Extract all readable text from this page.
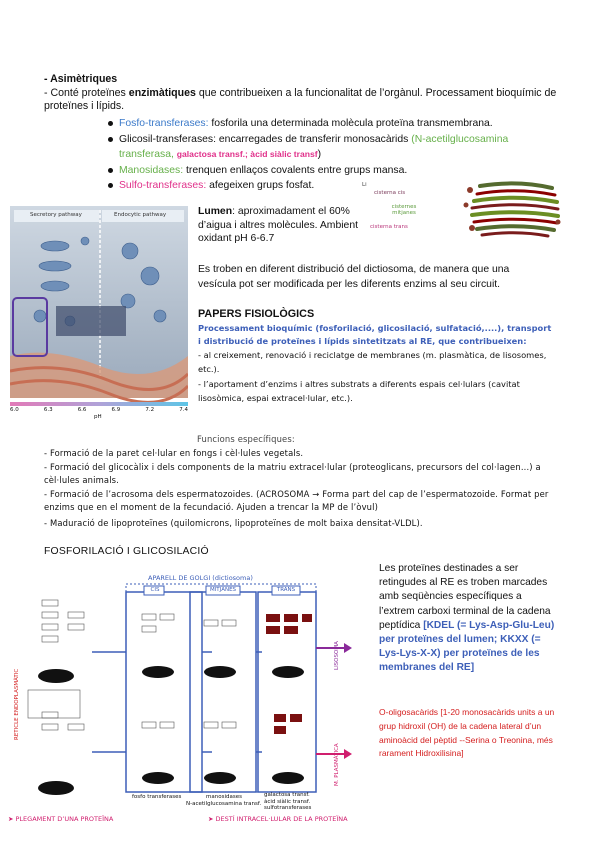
- Asimètriques
- Conté proteïnes enzimàtiques que contribueixen a la funcionalitat de l’orgànul. Processament bioquímic de proteïnes i lípids.
Fosfo-transferases: fosforila una determinada molècula proteïna transmembrana.
Glicosil-transferases: encarregades de transferir monosacàrids (N-acetilglucosamina transferasa, galactosa transf.; àcid siàlic transf)
Manosidases: trenquen enllaços covalents entre grups mansa.
Sulfo-transferases: afegeixen grups fosfat.	Li
cisterna cis
cisternes mitjanes
cisterna trans
Secretory pathway	Endocytic pathway
6.0	6.3	6.6	6.9	7.2	7.4
pH
Lumen: aproximadament el 60% d’aigua i altres molècules. Ambient oxidant pH 6-6.7
Es troben en diferent distribució del dictiosoma, de manera que una vesícula pot ser modificada per les diferents enzims al seu circuit.
PAPERS FISIOLÒGICS
Processament bioquímic (fosforilació, glicosilació, sulfatació,....), transport i distribució de proteïnes i lípids sintetitzats al RE, que contribueixen:
- al creixement, renovació i reciclatge de membranes (m. plasmàtica, de lisosomes, etc.).
- l’aportament d’enzims i altres substrats a diferents espais cel·lulars (cavitat lisosòmica, espai extracel·lular, etc.).
Funcions específiques:
- Formació de la paret cel·lular en fongs i cèl·lules vegetals.
- Formació del glicocàlix i dels components de la matriu extracel·lular (proteoglicans, precursors del col·lagen...) a cèl·lules animals.
- Formació de l’acrosoma dels espermatozoides. (ACROSOMA → Forma part del cap de l’espermatozoide. Format per enzims que en el moment de la fecundació. Ajuden a trencar la MP de l’òvul)
- Maduració de lipoproteïnes (quilomicrons, lipoproteïnes de molt baixa densitat-VLDL).
FOSFORILACIÓ I GLICOSILACIÓ
APARELL DE GOLGI (dictiosoma)
CIS	MITJANES	TRANS
RETICLE ENDOPLASMÀTIC
LISOSOMA
M. PLASMÀTICA
fosfo transferases	manosidases	galactosa transf.
N-acetilglucosamina transf. àcid siàlic transf.
sulfotransferases
➤ PLEGAMENT D’UNA PROTEÏNA	➤ DESTÍ INTRACEL·LULAR DE LA PROTEÏNA
Les proteïnes destinades a ser retingudes al RE es troben marcades amb seqüències específiques a l’extrem carboxi terminal de la cadena peptídica [KDEL (= Lys-Asp-Glu-Leu) per proteïnes del lumen; KKXX (= Lys-Lys-X-X) per proteïnes de les membranes del RE]
O-oligosacàrids [1-20 monosacàrids units a un grup hidroxil (OH) de la cadena lateral d’un aminoàcid del pèptid --Serina o Treonina, més rarament Hidroxilisina]
